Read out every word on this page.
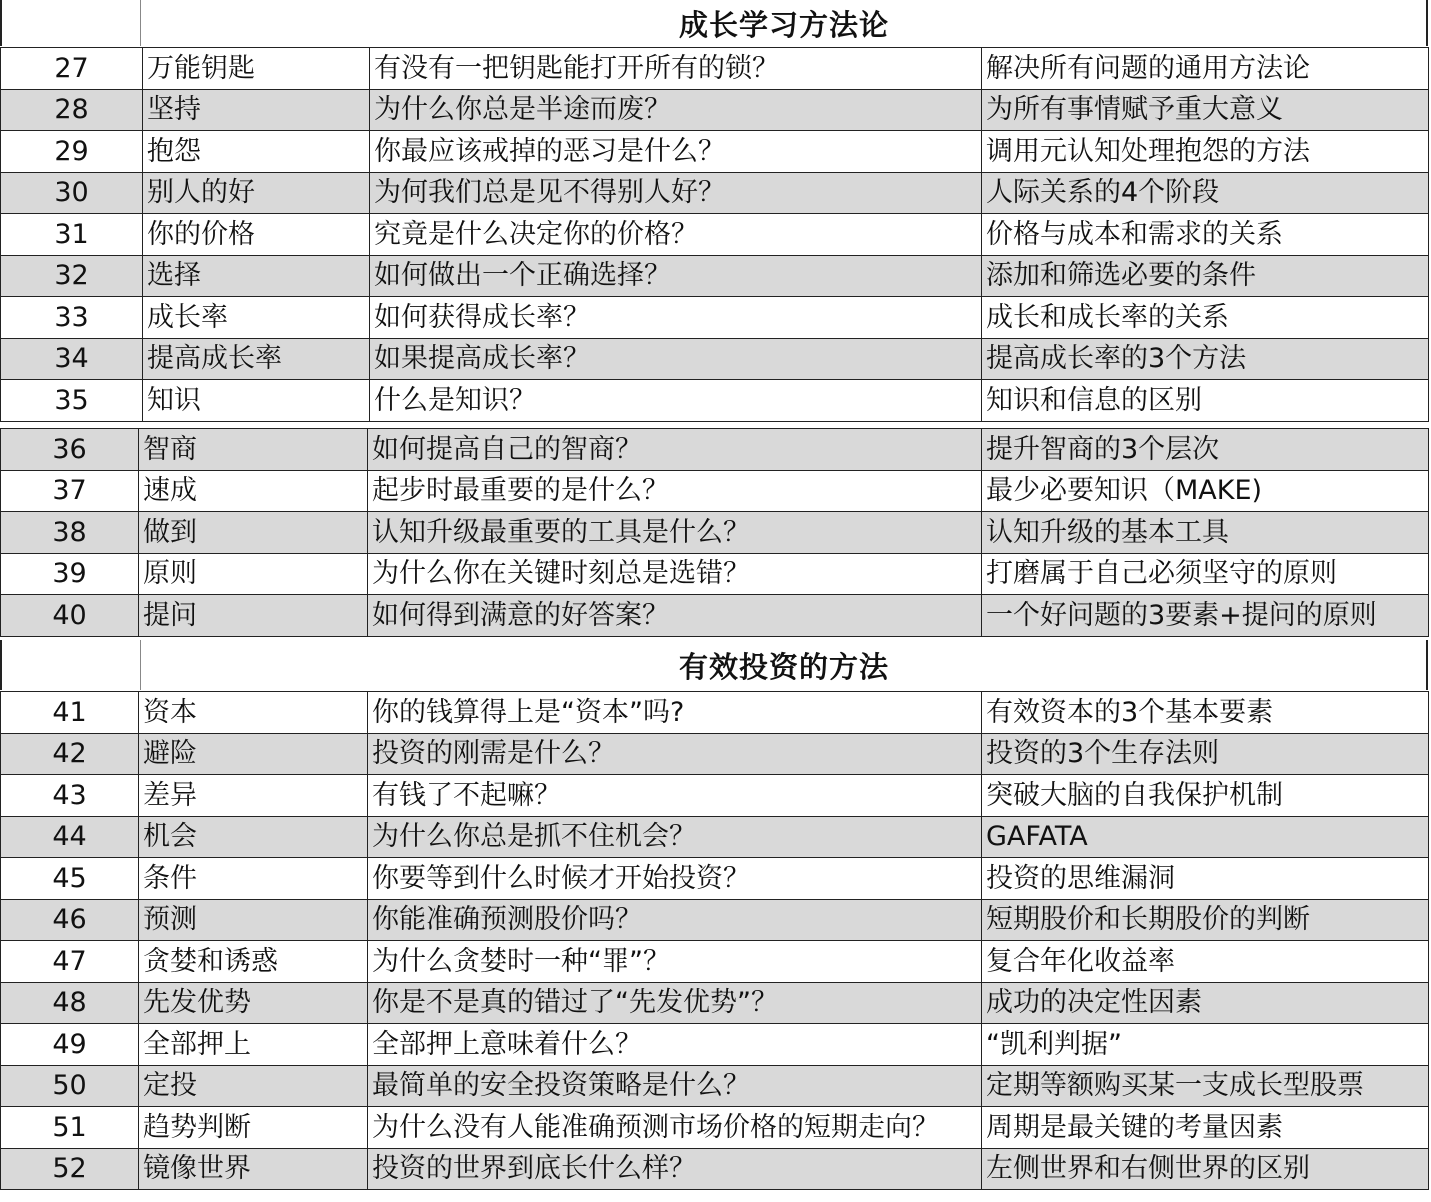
成长学习方法论
27	万能钥匙	有没有一把钥匙能打开所有的锁？	解决所有问题的通用方法论
28	坚持	为什么你总是半途而废？	为所有事情赋予重大意义
29	抱怨	你最应该戒掉的恶习是什么？	调用元认知处理抱怨的方法
30	别人的好	为何我们总是见不得别人好？	人际关系的4个阶段
31	你的价格	究竟是什么决定你的价格？	价格与成本和需求的关系
32	选择	如何做出一个正确选择？	添加和筛选必要的条件
33	成长率	如何获得成长率？	成长和成长率的关系
34	提高成长率	如果提高成长率？	提高成长率的3个方法
35	知识	什么是知识？	知识和信息的区别
36	智商	如何提高自己的智商？	提升智商的3个层次
37	速成	起步时最重要的是什么？	最少必要知识（MAKE)
38	做到	认知升级最重要的工具是什么？	认知升级的基本工具
39	原则	为什么你在关键时刻总是选错？	打磨属于自己必须坚守的原则
40	提问	如何得到满意的好答案？	一个好问题的3要素+提问的原则
有效投资的方法
41	资本	你的钱算得上是“资本”吗?	有效资本的3个基本要素
42	避险	投资的刚需是什么？	投资的3个生存法则
43	差异	有钱了不起嘛？	突破大脑的自我保护机制
44	机会	为什么你总是抓不住机会？	GAFATA
45	条件	你要等到什么时候才开始投资？	投资的思维漏洞
46	预测	你能准确预测股价吗？	短期股价和长期股价的判断
47	贪婪和诱惑	为什么贪婪时一种“罪”？	复合年化收益率
48	先发优势	你是不是真的错过了“先发优势”？	成功的决定性因素
49	全部押上	全部押上意味着什么？	“凯利判据”
50	定投	最简单的安全投资策略是什么？	定期等额购买某一支成长型股票
51	趋势判断	为什么没有人能准确预测市场价格的短期走向？	周期是最关键的考量因素
52	镜像世界	投资的世界到底长什么样？	左侧世界和右侧世界的区别
